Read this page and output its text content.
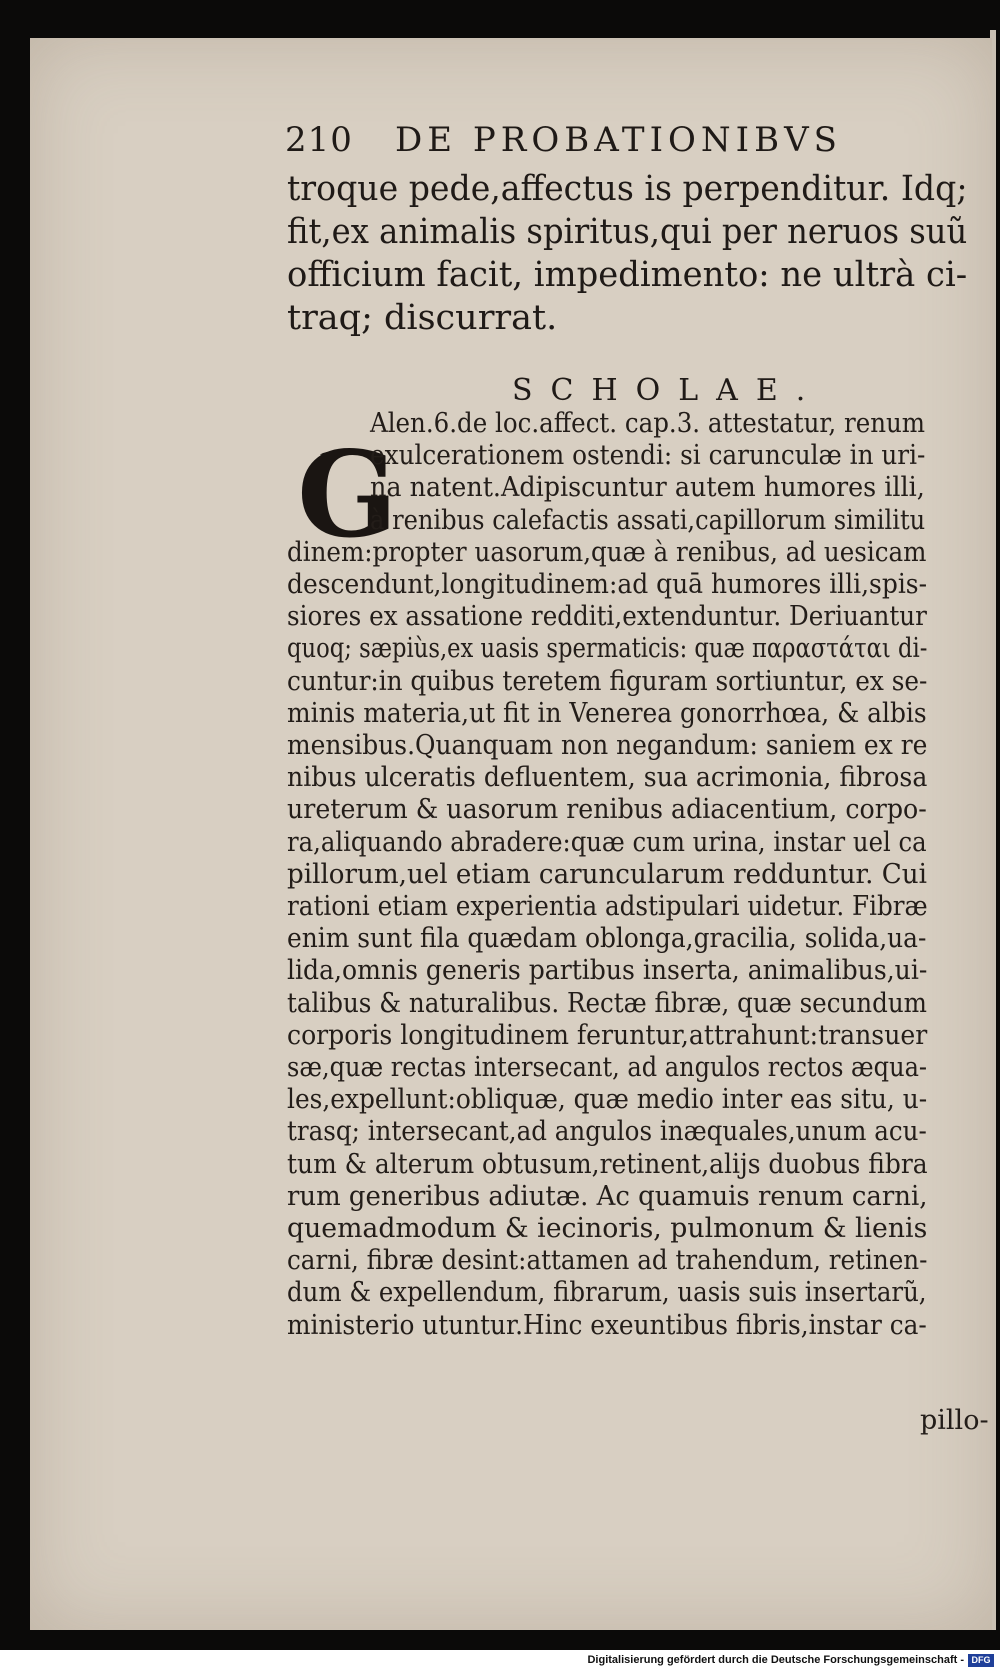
210 DE PROBATIONIBVS
troque pede,affectus is perpenditur. Idq;
fit,ex animalis spiritus,qui per neruos suũ
officium facit, impedimento: ne ultrà ci-
traq; discurrat.
SCHOLAE.
G
Alen.6.de loc.affect. cap.3. attestatur, renum
exulcerationem ostendi: si carunculæ in uri-
na natent.Adipiscuntur autem humores illi,
à renibus calefactis assati,capillorum similitu
dinem:propter uasorum,quæ à renibus, ad uesicam
descendunt,longitudinem:ad quā humores illi,spis-
siores ex assatione redditi,extenduntur. Deriuantur
quoq; sæpiùs,ex uasis spermaticis: quæ παραστάται di-
cuntur:in quibus teretem figuram sortiuntur, ex se-
minis materia,ut fit in Venerea gonorrhœa, & albis
mensibus.Quanquam non negandum: saniem ex re
nibus ulceratis defluentem, sua acrimonia, fibrosa
ureterum & uasorum renibus adiacentium, corpo-
ra,aliquando abradere:quæ cum urina, instar uel ca
pillorum,uel etiam caruncularum redduntur. Cui
rationi etiam experientia adstipulari uidetur. Fibræ
enim sunt fila quædam oblonga,gracilia, solida,ua-
lida,omnis generis partibus inserta, animalibus,ui-
talibus & naturalibus. Rectæ fibræ, quæ secundum
corporis longitudinem feruntur,attrahunt:transuer
sæ,quæ rectas intersecant, ad angulos rectos æqua-
les,expellunt:obliquæ, quæ medio inter eas situ, u-
trasq; intersecant,ad angulos inæquales,unum acu-
tum & alterum obtusum,retinent,alijs duobus fibra
rum generibus adiutæ. Ac quamuis renum carni,
quemadmodum & iecinoris, pulmonum & lienis
carni, fibræ desint:attamen ad trahendum, retinen-
dum & expellendum, fibrarum, uasis suis insertarũ,
ministerio utuntur.Hinc exeuntibus fibris,instar ca-
pillo-
Digitalisierung gefördert durch die Deutsche Forschungsgemeinschaft - DFG
